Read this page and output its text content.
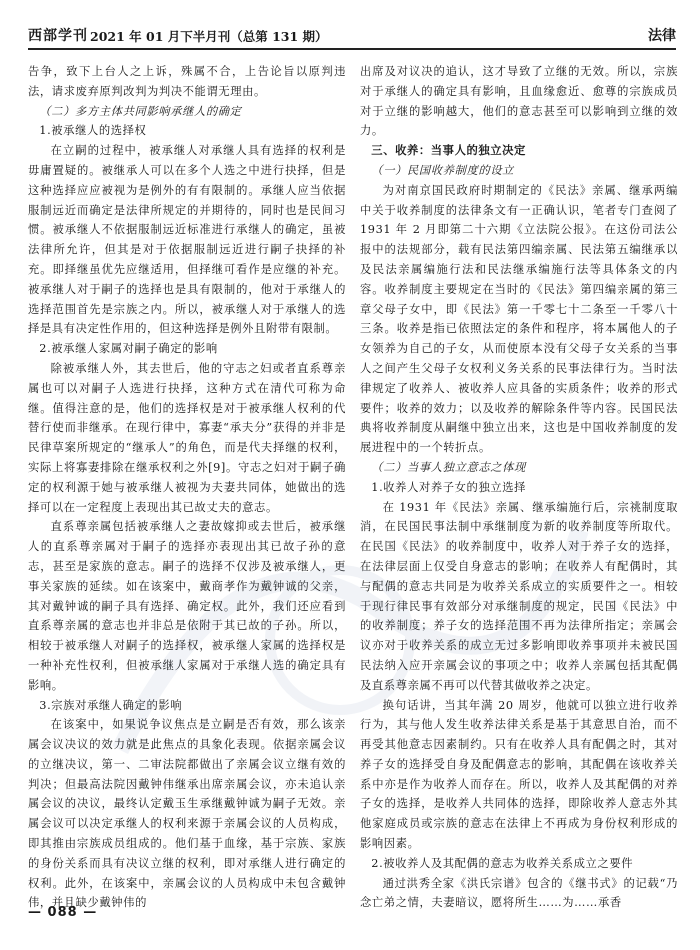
西部学刊 2021 年 01 月下半月刊（总第 131 期）	法律

告争，致下上台人之上诉，殊属不合，上告论旨以原判违法，请求废弃原判改判为判决不能谓无理由。

（二）多方主体共同影响承继人的确定

1.被承继人的选择权

在立嗣的过程中，被承继人对承继人具有选择的权利是毋庸置疑的。被继承人可以在多个人选之中进行抉择，但是这种选择应应被视为是例外的有有限制的。承继人应当依据服制远近而确定是法律所规定的并期待的，同时也是民间习惯。被承继人不依据服制远近标准进行承继人的确定，虽被法律所允许，但其是对于依据服制远近进行嗣子抉择的补充。即择继虽优先应继适用，但择继可看作是应继的补充。被承继人对于嗣子的选择也是具有限制的，他对于承继人的选择范围首先是宗族之内。所以，被承继人对于承继人的选择是具有决定性作用的，但这种选择是例外且附带有限制。

2.被承继人家属对嗣子确定的影响

除被承继人外，其去世后，他的守志之妇或者直系尊亲属也可以对嗣子人选进行抉择，这种方式在清代可称为命继。值得注意的是，他们的选择权是对于被承继人权利的代替行使而非继承。在现行律中，寡妻“承夫分”获得的并非是民律草案所规定的“继承人”的角色，而是代夫择继的权利，实际上将寡妻排除在继承权利之外[9]。守志之妇对于嗣子确定的权利源于她与被承继人被视为夫妻共同体，她做出的选择可以在一定程度上表现出其已故丈夫的意志。

直系尊亲属包括被承继人之妻故嫁抑或去世后，被承继人的直系尊亲属对于嗣子的选择亦表现出其已故子孙的意志，甚至是家族的意志。嗣子的选择不仅涉及被承继人，更事关家族的延续。如在该案中，戴商孝作为戴钟诚的父亲，其对戴钟诚的嗣子具有选择、确定权。此外，我们还应看到直系尊亲属的意志也并非总是依附于其已故的子孙。所以，相较于被承继人对嗣子的选择权，被承继人家属的选择权是一种补充性权利，但被承继人家属对于承继人选的确定具有影响。

3.宗族对承继人确定的影响

在该案中，如果说争议焦点是立嗣是否有效，那么该亲属会议决议的效力就是此焦点的具象化表现。依据亲属会议的立继决议，第一、二审法院都做出了亲属会议立继有效的判决；但最高法院因戴钟伟继承出席亲属会议，亦未追认亲属会议的决议，最终认定戴玉生承继戴钟诚为嗣子无效。亲属会议可以决定承继人的权利来源于亲属会议的人员构成，即其推由宗族成员组成的。他们基于血缘，基于宗族、家族的身份关系而具有决议立继的权利，即对承继人进行确定的权利。此外，在该案中，亲属会议的人员构成中未包含戴钟伟，并且缺少戴钟伟的

出席及对议决的追认，这才导致了立继的无效。所以，宗族对于承继人的确定具有影响，且血缘愈近、愈尊的宗族成员对于立继的影响越大，他们的意志甚至可以影响到立继的效力。

三、收养：当事人的独立决定

（一）民国收养制度的设立

为对南京国民政府时期制定的《民法》亲属、继承两编中关于收养制度的法律条文有一正确认识，笔者专门查阅了 1931 年 2 月即第二十六期《立法院公报》。在这份司法公报中的法规部分，载有民法第四编亲属、民法第五编继承以及民法亲属编施行法和民法继承编施行法等具体条文的内容。收养制度主要规定在当时的《民法》第四编亲属的第三章父母子女中，即《民法》第一千零七十二条至一千零八十三条。收养是指已依照法定的条件和程序，将本属他人的子女领养为自己的子女，从而使原本没有父母子女关系的当事人之间产生父母子女权利义务关系的民事法律行为。当时法律规定了收养人、被收养人应具备的实质条件；收养的形式要件；收养的效力；以及收养的解除条件等内容。民国民法典将收养制度从嗣继中独立出来，这也是中国收养制度的发展进程中的一个转折点。

（二）当事人独立意志之体现

1.收养人对养子女的独立选择

在 1931 年《民法》亲属、继承编施行后，宗祧制度取消，在民国民事法制中承继制度为新的收养制度等所取代。在民国《民法》的收养制度中，收养人对于养子女的选择，在法律层面上仅受自身意志的影响；在收养人有配偶时，其与配偶的意志共同是为收养关系成立的实质要件之一。相较于现行律民事有效部分对承继制度的规定，民国《民法》中的收养制度；养子女的选择范围不再为法律所指定；亲属会议亦对于收养关系的成立无过多影响即收养事项并未被民国民法纳入应开亲属会议的事项之中；收养人亲属包括其配偶及直系尊亲属不再可以代替其做收养之决定。

换句话讲，当其年满 20 周岁，他就可以独立进行收养行为，其与他人发生收养法律关系是基于其意思自治，而不再受其他意志因素制约。只有在收养人具有配偶之时，其对养子女的选择受自身及配偶意志的影响，其配偶在该收养关系中亦是作为收养人而存在。所以，收养人及其配偶的对养子女的选择，是收养人共同体的选择，即除收养人意志外其他家庭成员或宗族的意志在法律上不再成为身份权利形成的影响因素。

2.被收养人及其配偶的意志为收养关系成立之要件

通过洪秀全家《洪氏宗谱》包含的《继书式》的记载“乃念亡弟之情，夫妻暗议，愿将所生……为……承香

— 088 —
